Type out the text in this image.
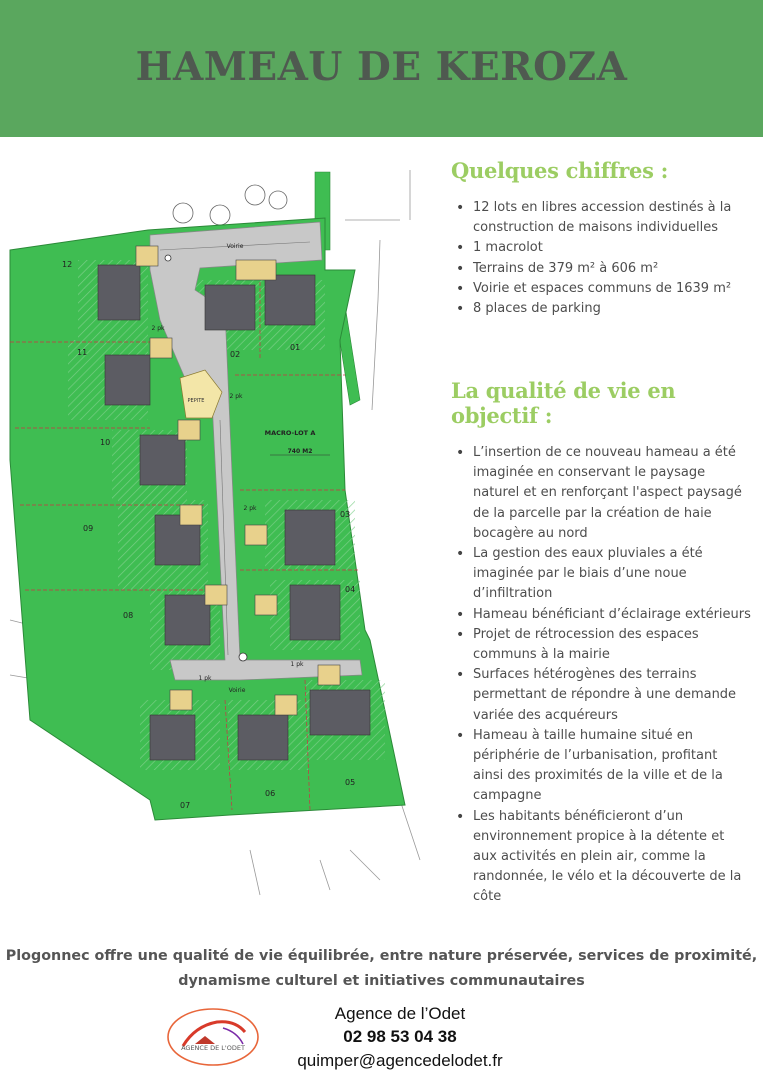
HAMEAU DE KEROZA
PEPITE
MACRO-LOT A
740 M2
2 pk
2 pk
2 pk
1 pk
1 pk
Voirie
Voirie
12
11
10
09
08
07
06
05
04
03
02
01
Quelques chiffres :
• 12 lots en libres accession destinés à la construction de maisons individuelles
• 1 macrolot
• Terrains de 379 m² à 606 m²
• Voirie et espaces communs de 1639 m²
• 8 places de parking
La qualité de vie en objectif :
• L’insertion de ce nouveau hameau a été imaginée en conservant le paysage naturel et en renforçant l'aspect paysagé de la parcelle par la création de haie bocagère au nord
• La gestion des eaux pluviales a été imaginée par le biais d’une noue d’infiltration
• Hameau bénéficiant d’éclairage extérieurs
• Projet de rétrocession des espaces communs à la mairie
• Surfaces hétérogènes des terrains permettant de répondre à une demande variée des acquéreurs
• Hameau à taille humaine situé en périphérie de l’urbanisation, profitant ainsi des proximités de la ville et de la campagne
• Les habitants bénéficieront d’un environnement propice à la détente et aux activités en plein air, comme la randonnée, le vélo et la découverte de la côte
Plogonnec offre une qualité de vie équilibrée, entre nature préservée, services de proximité, dynamisme culturel et initiatives communautaires
AGENCE DE L'ODET
Agence de l’Odet
02 98 53 04 38
quimper@agencedelodet.fr
